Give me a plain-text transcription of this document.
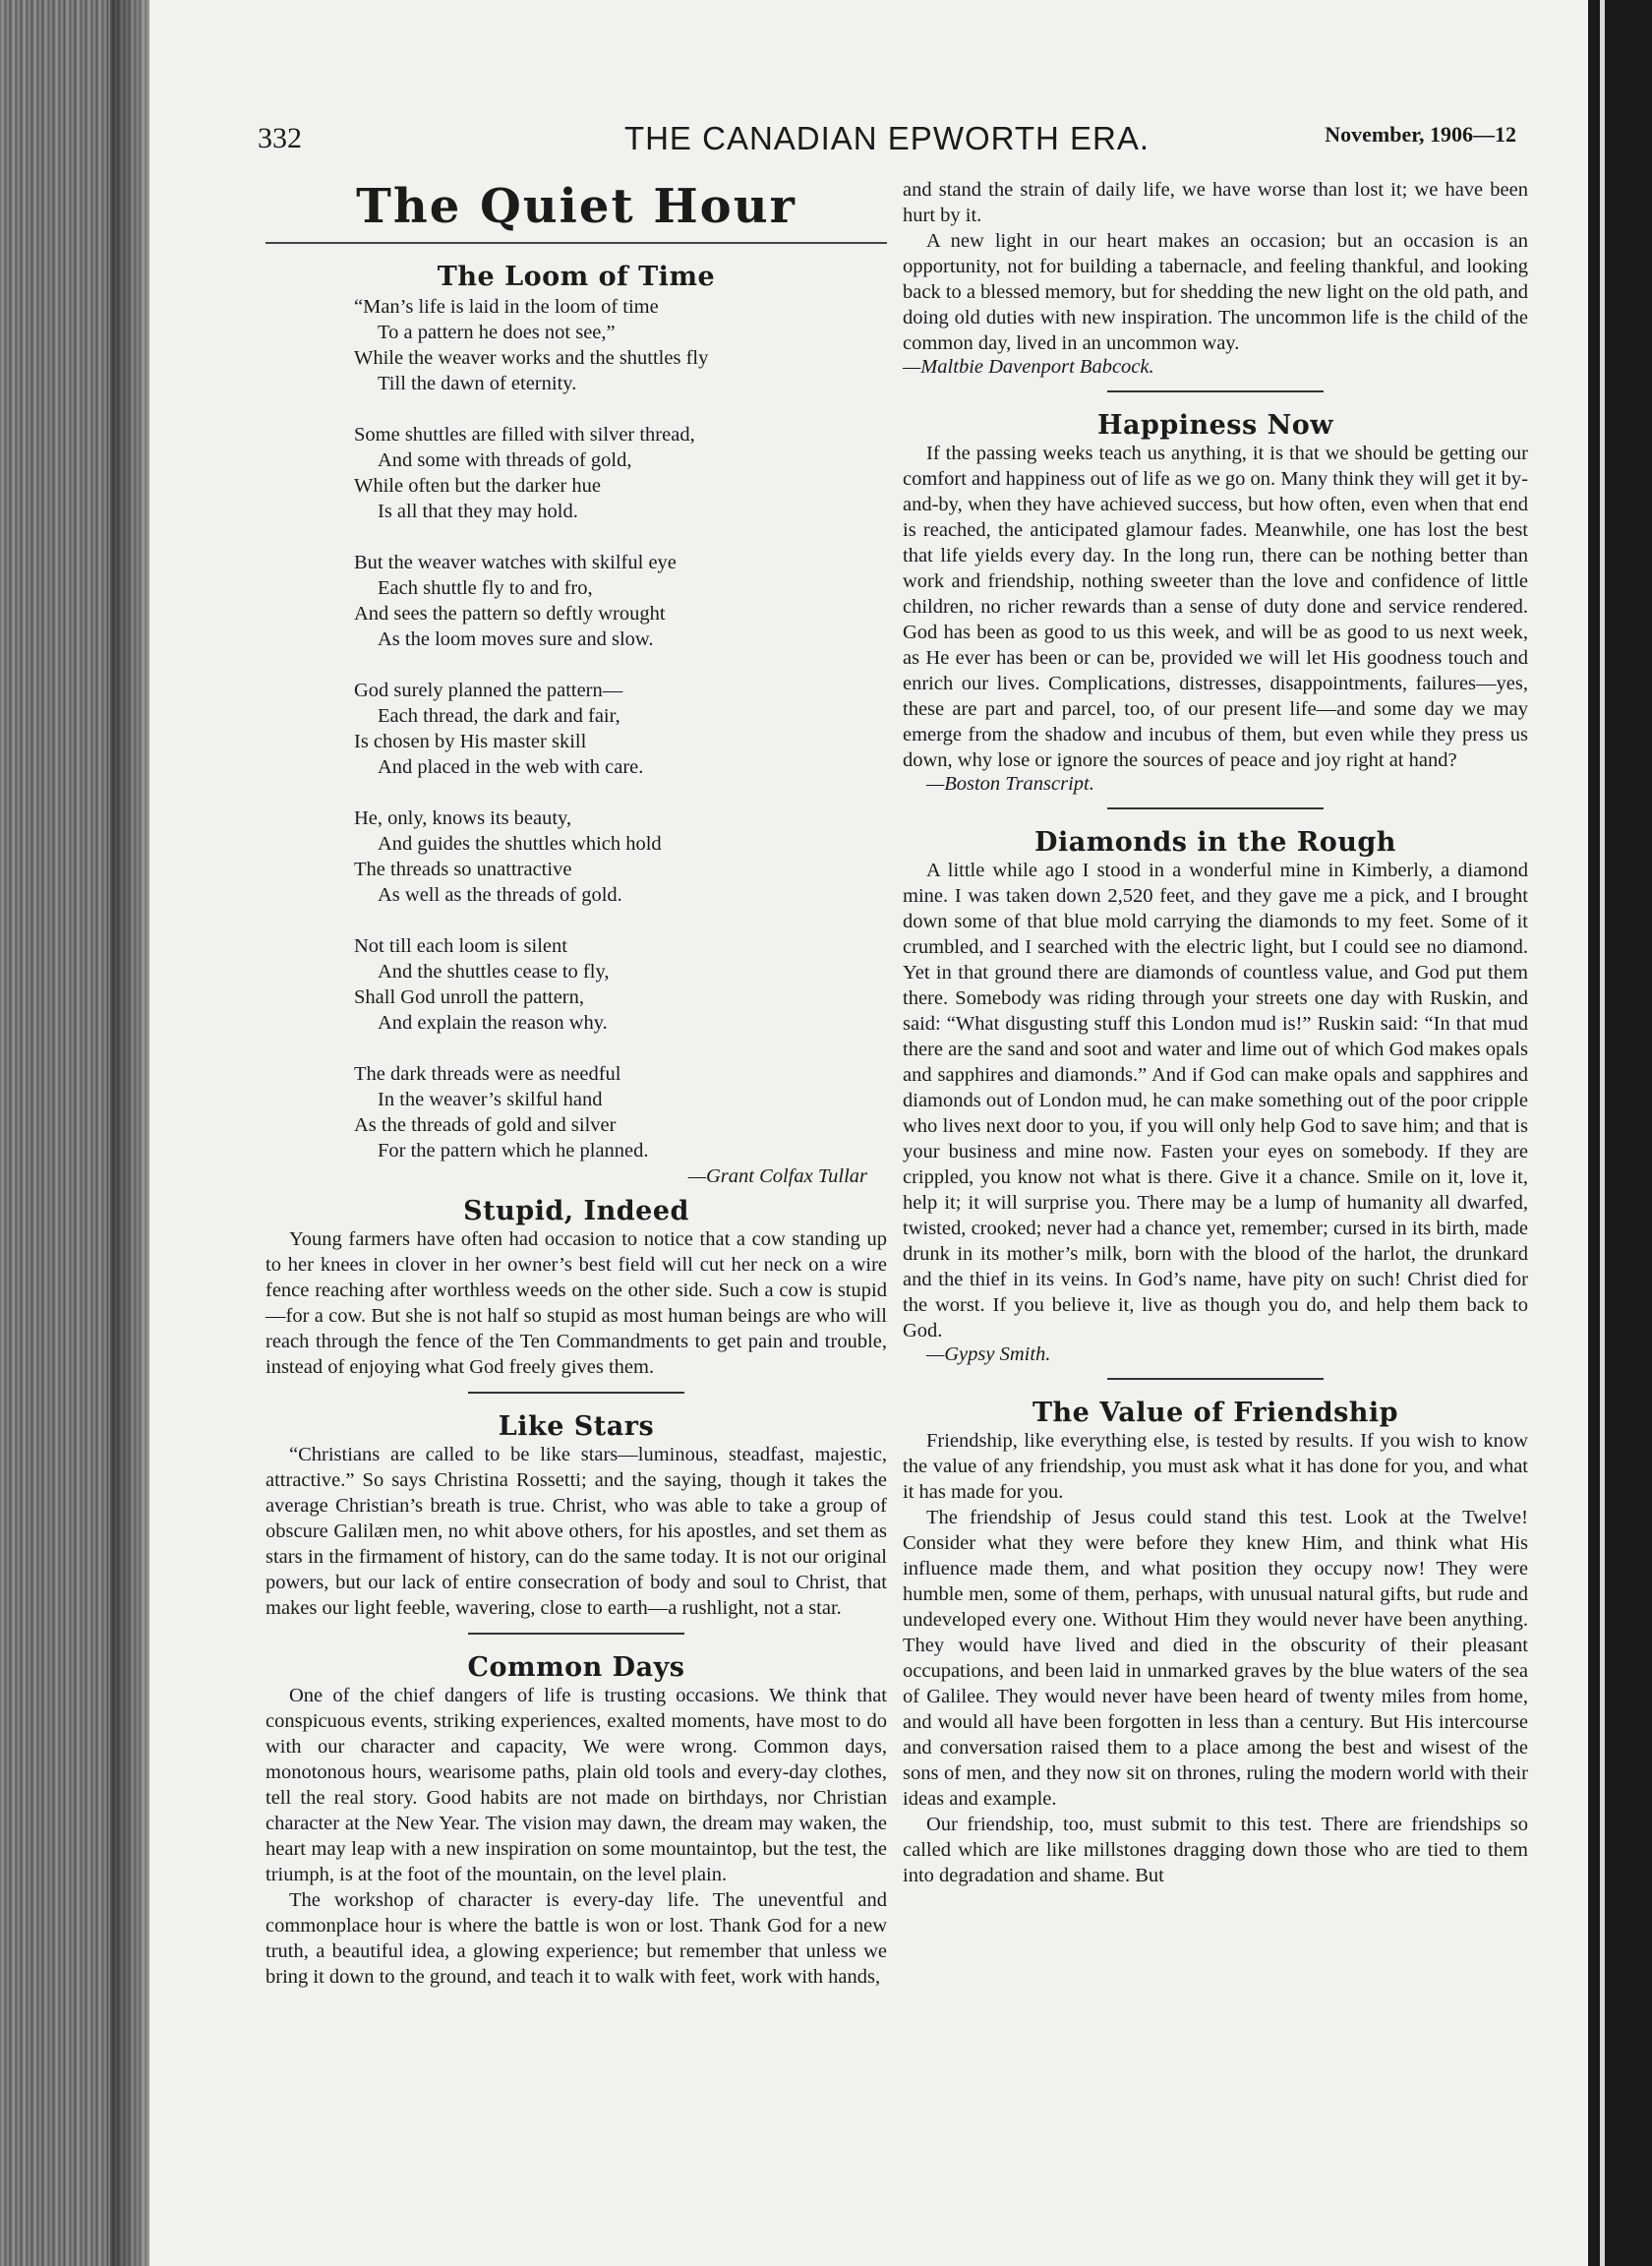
332	THE CANADIAN EPWORTH ERA.	November, 1906—12
The Quiet Hour
The Loom of Time
“Man’s life is laid in the loom of time
To a pattern he does not see,”
While the weaver works and the shuttles fly
Till the dawn of eternity.
Some shuttles are filled with silver thread,
And some with threads of gold,
While often but the darker hue
Is all that they may hold.
But the weaver watches with skilful eye
Each shuttle fly to and fro,
And sees the pattern so deftly wrought
As the loom moves sure and slow.
God surely planned the pattern—
Each thread, the dark and fair,
Is chosen by His master skill
And placed in the web with care.
He, only, knows its beauty,
And guides the shuttles which hold
The threads so unattractive
As well as the threads of gold.
Not till each loom is silent
And the shuttles cease to fly,
Shall God unroll the pattern,
And explain the reason why.
The dark threads were as needful
In the weaver’s skilful hand
As the threads of gold and silver
For the pattern which he planned.
—Grant Colfax Tullar
Stupid, Indeed

Young farmers have often had occasion to notice that a cow standing up to her knees in clover in her owner’s best field will cut her neck on a wire fence reaching after worthless weeds on the other side. Such a cow is stupid—for a cow. But she is not half so stupid as most human beings are who will reach through the fence of the Ten Commandments to get pain and trouble, instead of enjoying what God freely gives them.

Like Stars

“Christians are called to be like stars—luminous, steadfast, majestic, attractive.” So says Christina Rossetti; and the saying, though it takes the average Christian’s breath is true. Christ, who was able to take a group of obscure Galilæn men, no whit above others, for his apostles, and set them as stars in the firmament of history, can do the same today. It is not our original powers, but our lack of entire consecration of body and soul to Christ, that makes our light feeble, wavering, close to earth—a rushlight, not a star.

Common Days

One of the chief dangers of life is trusting occasions. We think that conspicuous events, striking experiences, exalted moments, have most to do with our character and capacity, We were wrong. Common days, monotonous hours, wearisome paths, plain old tools and every-day clothes, tell the real story. Good habits are not made on birthdays, nor Christian character at the New Year. The vision may dawn, the dream may waken, the heart may leap with a new inspiration on some mountaintop, but the test, the triumph, is at the foot of the mountain, on the level plain.

The workshop of character is every-day life. The uneventful and commonplace hour is where the battle is won or lost. Thank God for a new truth, a beautiful idea, a glowing experience; but remember that unless we bring it down to the ground, and teach it to walk with feet, work with hands,

and stand the strain of daily life, we have worse than lost it; we have been hurt by it.

A new light in our heart makes an occasion; but an occasion is an opportunity, not for building a tabernacle, and feeling thankful, and looking back to a blessed memory, but for shedding the new light on the old path, and doing old duties with new inspiration. The uncommon life is the child of the common day, lived in an uncommon way.

—Maltbie Davenport Babcock.
Happiness Now

If the passing weeks teach us anything, it is that we should be getting our comfort and happiness out of life as we go on. Many think they will get it by-and-by, when they have achieved success, but how often, even when that end is reached, the anticipated glamour fades. Meanwhile, one has lost the best that life yields every day. In the long run, there can be nothing better than work and friendship, nothing sweeter than the love and confidence of little children, no richer rewards than a sense of duty done and service rendered. God has been as good to us this week, and will be as good to us next week, as He ever has been or can be, provided we will let His goodness touch and enrich our lives. Complications, distresses, disappointments, failures—yes, these are part and parcel, too, of our present life—and some day we may emerge from the shadow and incubus of them, but even while they press us down, why lose or ignore the sources of peace and joy right at hand?

—Boston Transcript.
Diamonds in the Rough

A little while ago I stood in a wonderful mine in Kimberly, a diamond mine. I was taken down 2,520 feet, and they gave me a pick, and I brought down some of that blue mold carrying the diamonds to my feet. Some of it crumbled, and I searched with the electric light, but I could see no diamond. Yet in that ground there are diamonds of countless value, and God put them there. Somebody was riding through your streets one day with Ruskin, and said: “What disgusting stuff this London mud is!” Ruskin said: “In that mud there are the sand and soot and water and lime out of which God makes opals and sapphires and diamonds.” And if God can make opals and sapphires and diamonds out of London mud, he can make something out of the poor cripple who lives next door to you, if you will only help God to save him; and that is your business and mine now. Fasten your eyes on somebody. If they are crippled, you know not what is there. Give it a chance. Smile on it, love it, help it; it will surprise you. There may be a lump of humanity all dwarfed, twisted, crooked; never had a chance yet, remember; cursed in its birth, made drunk in its mother’s milk, born with the blood of the harlot, the drunkard and the thief in its veins. In God’s name, have pity on such! Christ died for the worst. If you believe it, live as though you do, and help them back to God.

—Gypsy Smith.
The Value of Friendship

Friendship, like everything else, is tested by results. If you wish to know the value of any friendship, you must ask what it has done for you, and what it has made for you.

The friendship of Jesus could stand this test. Look at the Twelve! Consider what they were before they knew Him, and think what His influence made them, and what position they occupy now! They were humble men, some of them, perhaps, with unusual natural gifts, but rude and undeveloped every one. Without Him they would never have been anything. They would have lived and died in the obscurity of their pleasant occupations, and been laid in unmarked graves by the blue waters of the sea of Galilee. They would never have been heard of twenty miles from home, and would all have been forgotten in less than a century. But His intercourse and conversation raised them to a place among the best and wisest of the sons of men, and they now sit on thrones, ruling the modern world with their ideas and example.

Our friendship, too, must submit to this test. There are friendships so called which are like millstones dragging down those who are tied to them into degradation and shame. But
